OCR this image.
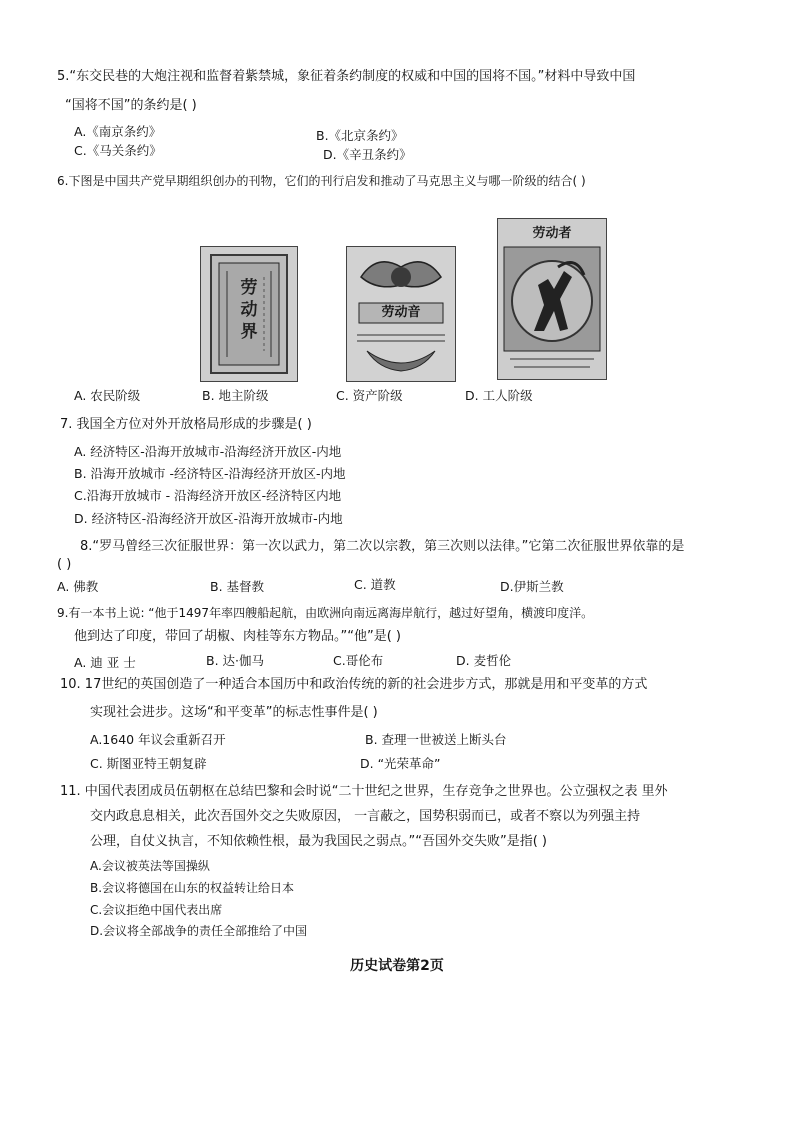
5.“东交民巷的大炮注视和监督着紫禁城，象征着条约制度的权威和中国的国将不国。”材料中导致中国
“国将不国”的条约是( )
A.《南京条约》	B.《北京条约》
C.《马关条约》	D.《辛丑条约》
6.下图是中国共产党早期组织创办的刊物，它们的刊行启发和推动了马克思主义与哪一阶级的结合( )
劳动界
劳动音
劳动者
A. 农民阶级	B. 地主阶级	C. 资产阶级	D. 工人阶级
7. 我国全方位对外开放格局形成的步骤是( )
A. 经济特区-沿海开放城市-沿海经济开放区-内地
B. 沿海开放城市 -经济特区-沿海经济开放区-内地
C.沿海开放城市 - 沿海经济开放区-经济特区内地
D. 经济特区-沿海经济开放区-沿海开放城市-内地
8.“罗马曾经三次征服世界：第一次以武力，第二次以宗教，第三次则以法律。”它第二次征服世界依靠的是
( )
A. 佛教	B. 基督教	C. 道教	D.伊斯兰教
9.有一本书上说: “他于1497年率四艘船起航，由欧洲向南远离海岸航行，越过好望角，横渡印度洋。
他到达了印度，带回了胡椒、肉桂等东方物品。”“他”是( )
A. 迪 亚 士	B. 达·伽马	C.哥伦布	D. 麦哲伦
10. 17世纪的英国创造了一种适合本国历中和政治传统的新的社会进步方式，那就是用和平变革的方式
实现社会进步。这场“和平变革”的标志性事件是( )
A.1640 年议会重新召开	B. 查理一世被送上断头台
C. 斯图亚特王朝复辟	D. “光荣革命”
11. 中国代表团成员伍朝枢在总结巴黎和会时说“二十世纪之世界，生存竞争之世界也。公立强权之表 里外
交内政息息相关，此次吾国外交之失败原因， 一言蔽之，国势积弱而已，或者不察以为列强主持
公理，自仗义执言，不知依赖性根，最为我国民之弱点。”“吾国外交失败”是指( )
A.会议被英法等国操纵
B.会议将德国在山东的权益转让给日本
C.会议拒绝中国代表出席
D.会议将全部战争的责任全部推给了中国
历史试卷第2页
